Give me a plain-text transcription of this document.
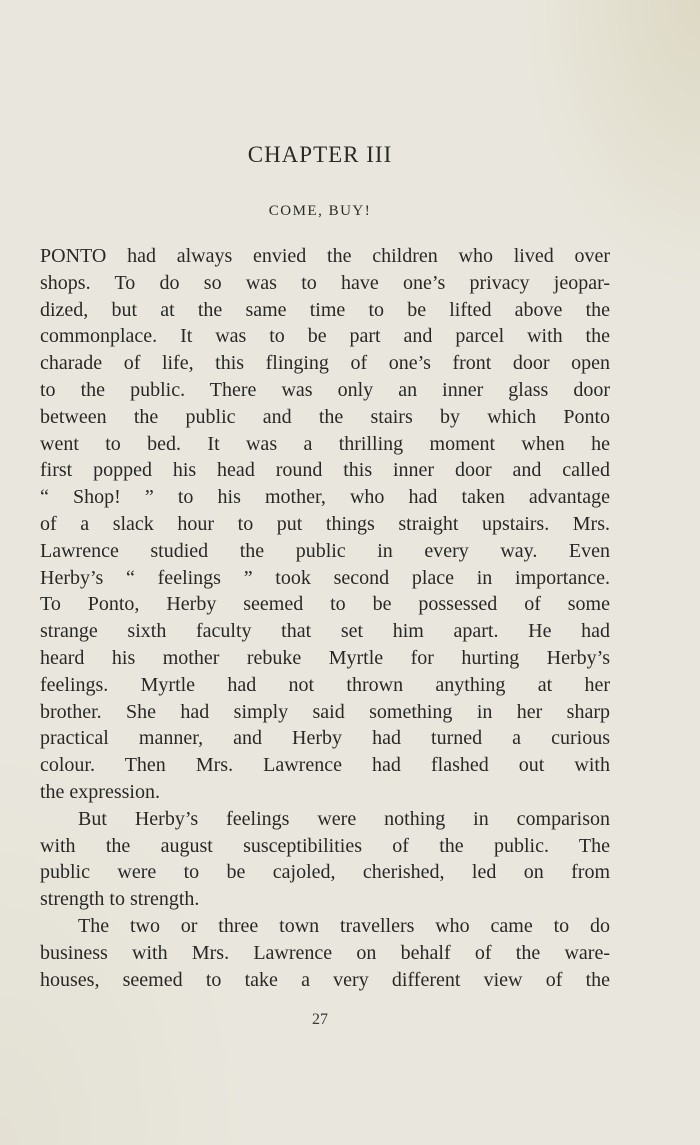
CHAPTER III
COME, BUY!
PONTO had always envied the children who lived over
shops. To do so was to have one’s privacy jeopar-
dized, but at the same time to be lifted above the
commonplace. It was to be part and parcel with the
charade of life, this flinging of one’s front door open
to the public. There was only an inner glass door
between the public and the stairs by which Ponto
went to bed. It was a thrilling moment when he
first popped his head round this inner door and called
“ Shop! ” to his mother, who had taken advantage
of a slack hour to put things straight upstairs. Mrs.
Lawrence studied the public in every way. Even
Herby’s “ feelings ” took second place in importance.
To Ponto, Herby seemed to be possessed of some
strange sixth faculty that set him apart. He had
heard his mother rebuke Myrtle for hurting Herby’s
feelings. Myrtle had not thrown anything at her
brother. She had simply said something in her sharp
practical manner, and Herby had turned a curious
colour. Then Mrs. Lawrence had flashed out with
the expression.
But Herby’s feelings were nothing in comparison
with the august susceptibilities of the public. The
public were to be cajoled, cherished, led on from
strength to strength.
The two or three town travellers who came to do
business with Mrs. Lawrence on behalf of the ware-
houses, seemed to take a very different view of the
27
